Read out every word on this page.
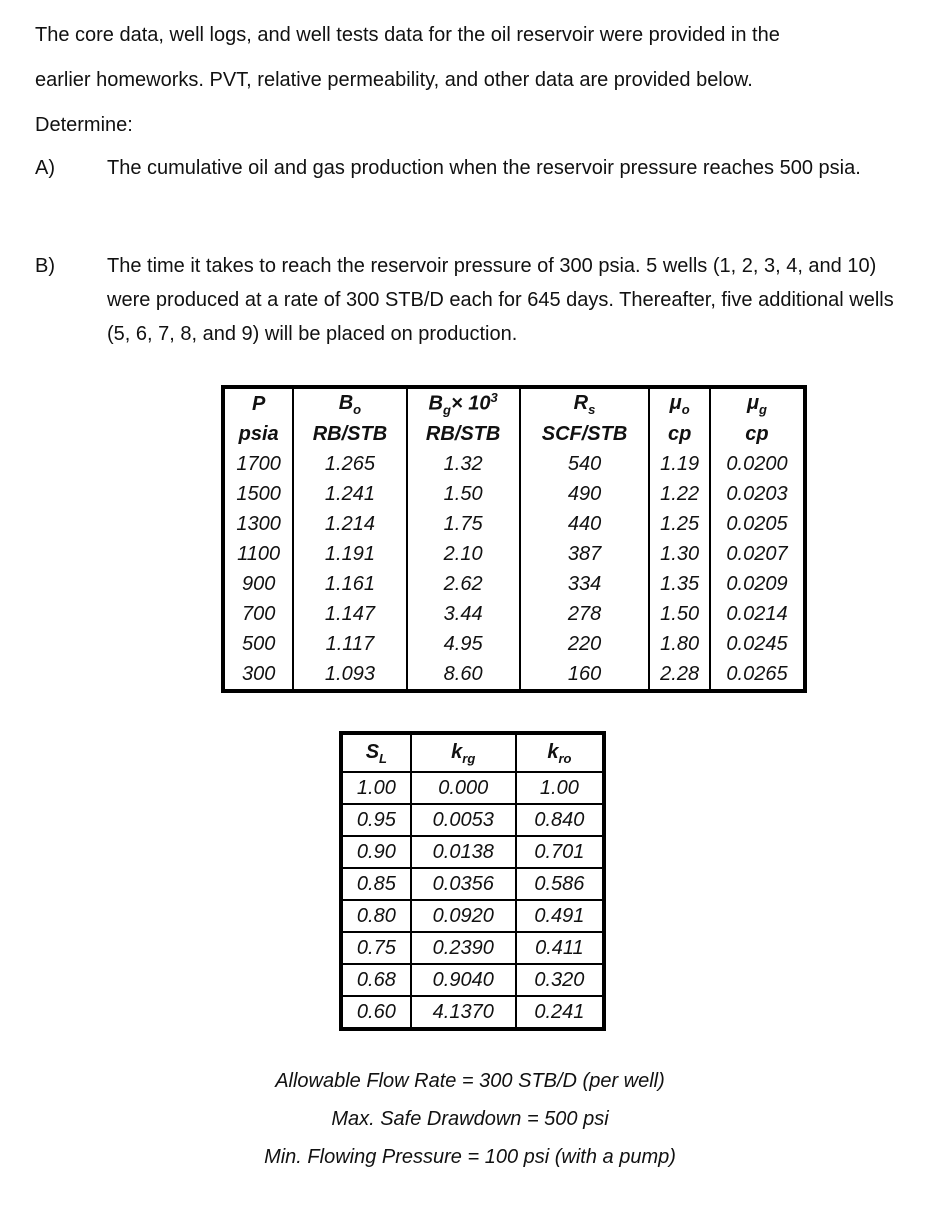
The core data, well logs, and well tests data for the oil reservoir were provided in the
earlier homeworks. PVT, relative permeability, and other data are provided below.
Determine:
A)	The cumulative oil and gas production when the reservoir pressure reaches 500 psia.
B)	The time it takes to reach the reservoir pressure of 300 psia. 5 wells (1, 2, 3, 4, and 10) were produced at a rate of 300 STB/D each for 645 days. Thereafter, five additional wells (5, 6, 7, 8, and 9) will be placed on production.
P	$B_o$	$B_g\times 10^3$	$R_s$	$\mu_o$	$\mu_g$
psia	RB/STB	RB/STB	SCF/STB	cp	cp
1700	1.265	1.32	540	1.19	0.0200
1500	1.241	1.50	490	1.22	0.0203
1300	1.214	1.75	440	1.25	0.0205
1100	1.191	2.10	387	1.30	0.0207
900	1.161	2.62	334	1.35	0.0209
700	1.147	3.44	278	1.50	0.0214
500	1.117	4.95	220	1.80	0.0245
300	1.093	8.60	160	2.28	0.0265
$S_L$	$k_{rg}$	$k_{ro}$
1.00	0.000	1.00
0.95	0.0053	0.840
0.90	0.0138	0.701
0.85	0.0356	0.586
0.80	0.0920	0.491
0.75	0.2390	0.411
0.68	0.9040	0.320
0.60	4.1370	0.241
Allowable Flow Rate = 300 STB/D (per well)
Max. Safe Drawdown = 500 psi
Min. Flowing Pressure = 100 psi (with a pump)
